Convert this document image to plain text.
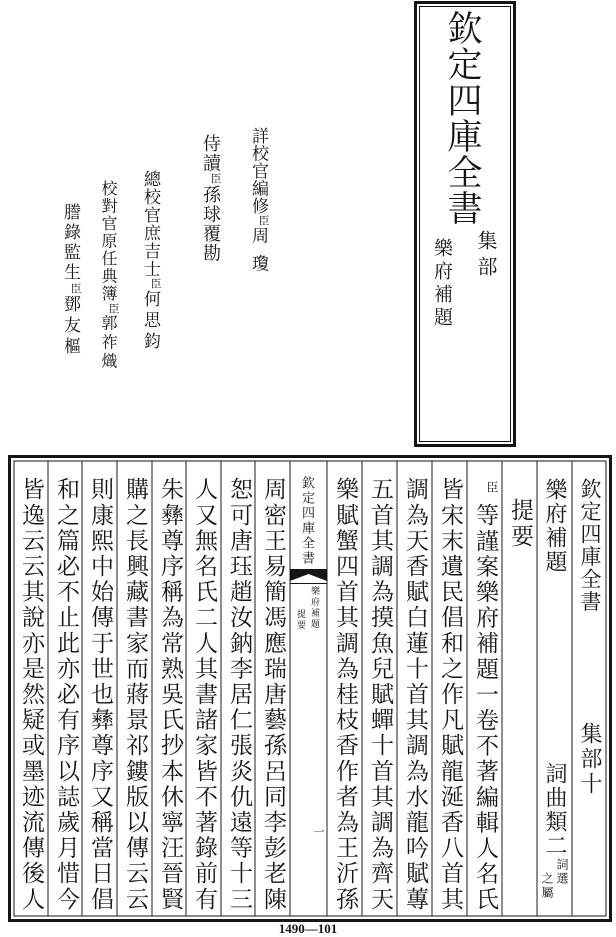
欽定四庫全書
集部
樂府補題
詳校官編修臣周瓊
侍讀臣孫球覆勘
總校官庶吉士臣何思鈞
校對官原任典簿臣郭祚熾
謄錄監生臣鄧友樞
欽定四庫全書
集部十
樂府補題
詞曲類二
詞選
之屬
提要
臣
等謹案樂府補題一卷不著編輯人名氏
皆宋末遺民倡和之作凡賦龍涎香八首其
調為天香賦白蓮十首其調為水龍吟賦蓴
五首其調為摸魚兒賦蟬十首其調為齊天
樂賦蟹四首其調為桂枝香作者為王沂孫
欽定四庫全書
樂府補題
提要
一
周密王易簡馮應瑞唐藝孫呂同李彭老陳
恕可唐珏趙汝鈉李居仁張炎仇遠等十三
人又無名氏二人其書諸家皆不著錄前有
朱彝尊序稱為常熟吳氏抄本休寧汪晉賢
購之長興藏書家而蔣景祁鏤版以傳云云
則康熙中始傳于世也彝尊序又稱當日倡
和之篇必不止此亦必有序以誌歲月惜今
皆逸云云其說亦是然疑或墨迹流傳後人
1490—101
